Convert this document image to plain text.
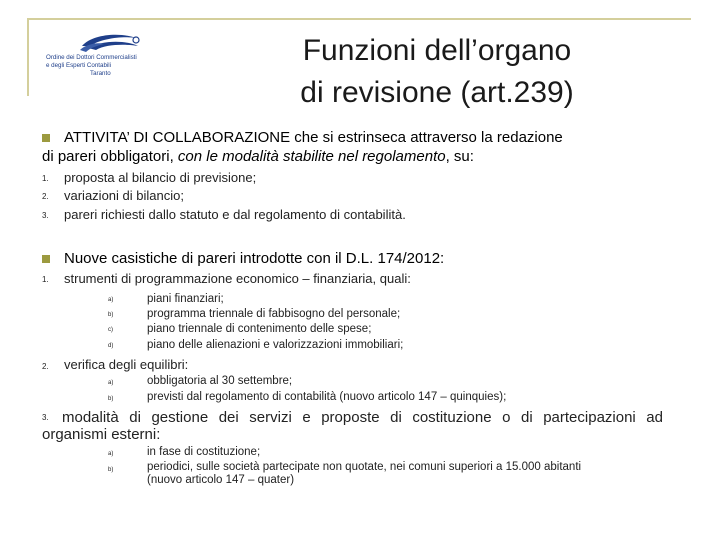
Ordine dei Dottori Commercialisti
e degli Esperti Contabili
Taranto
Funzioni dell’organo
di revisione (art.239)
ATTIVITA’ DI COLLABORAZIONE che si estrinseca attraverso la redazione
di pareri obbligatori, con le modalità stabilite nel regolamento, su:
1. proposta al bilancio di previsione;
2. variazioni di bilancio;
3. pareri richiesti dallo statuto e dal regolamento di contabilità.
Nuove casistiche di pareri introdotte con il D.L. 174/2012:
1. strumenti di programmazione economico – finanziaria, quali:
a)	piani finanziari;
b)	programma triennale di fabbisogno del personale;
c)	piano triennale di contenimento delle spese;
d)	piano delle alienazioni e valorizzazioni immobiliari;
2. verifica degli equilibri:
a)	obbligatoria al 30 settembre;
b)	previsti dal regolamento di contabilità (nuovo articolo 147 – quinquies);
3. modalità di gestione dei servizi e proposte di costituzione o di partecipazioni ad
organismi esterni:
a)	in fase di costituzione;
b)	periodici, sulle società partecipate non quotate, nei comuni superiori a 15.000 abitanti
(nuovo articolo 147 – quater)
